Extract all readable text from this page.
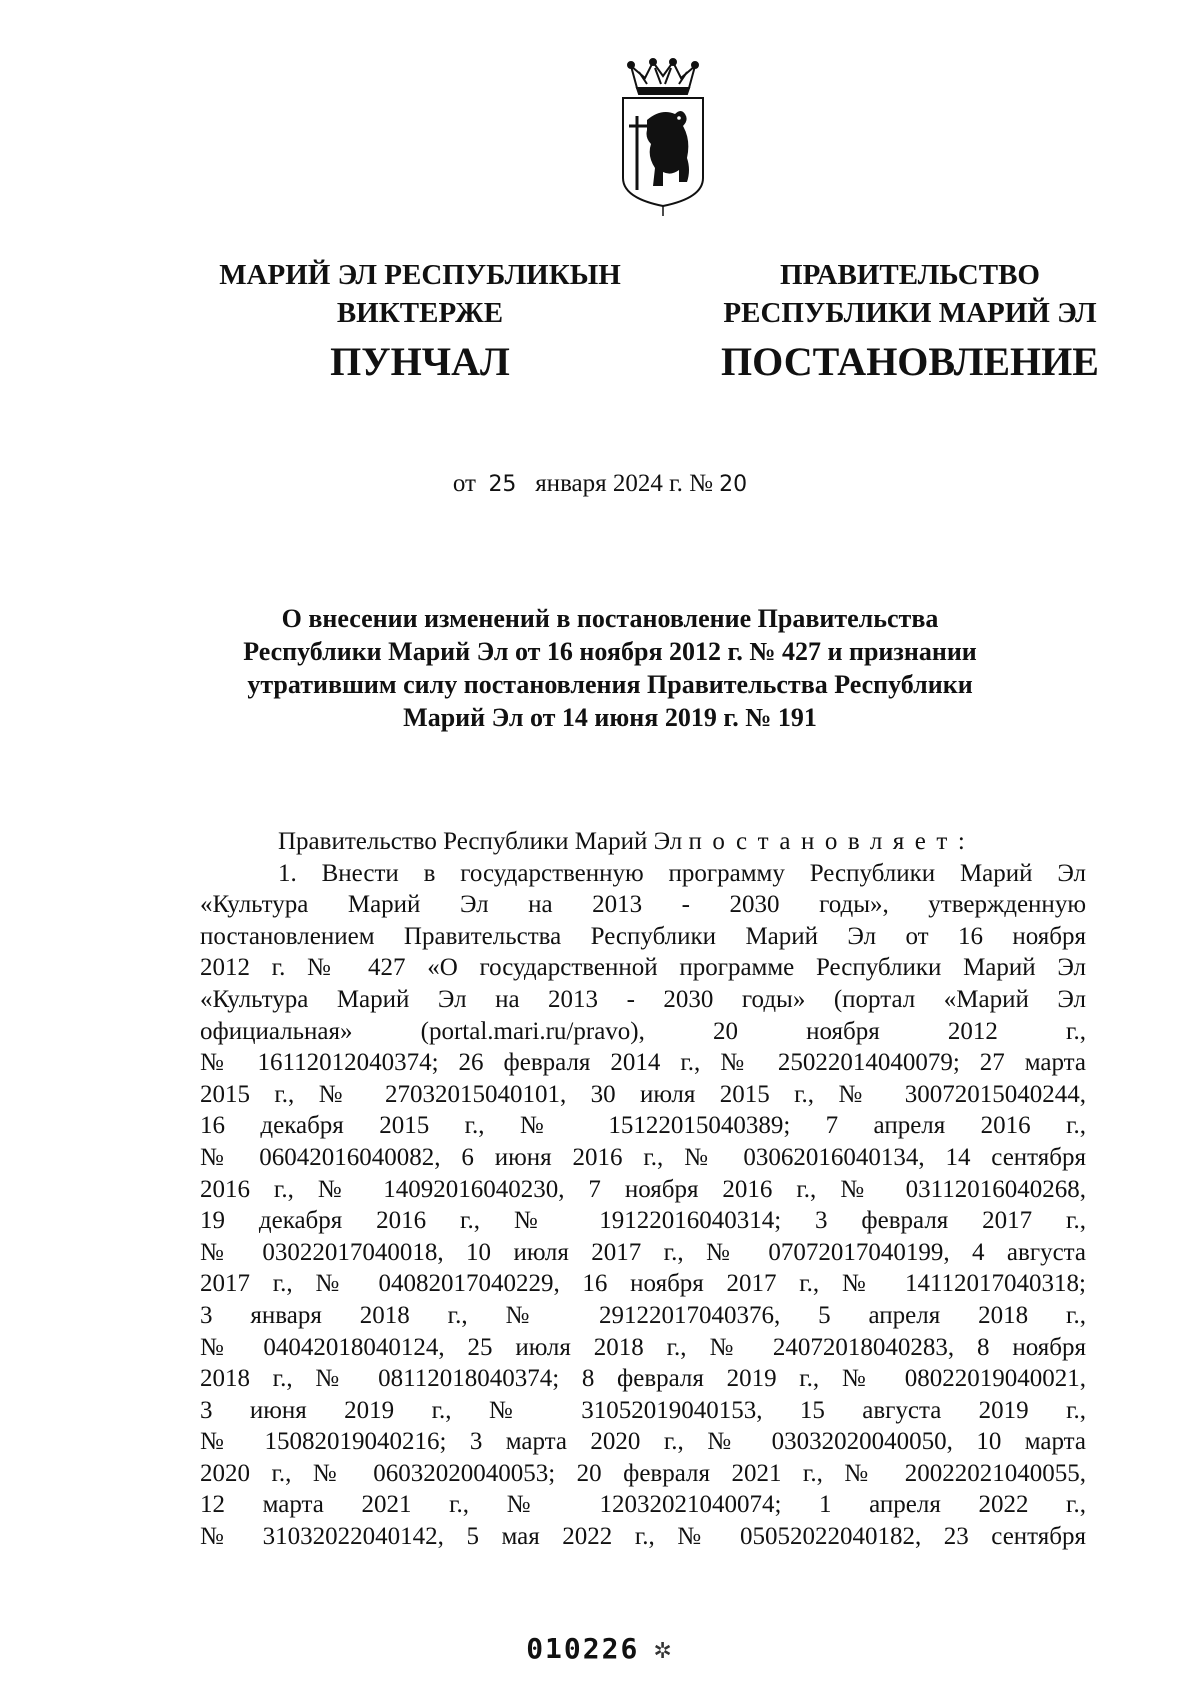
МАРИЙ ЭЛ РЕСПУБЛИКЫН
ВИКТЕРЖЕ
ПУНЧАЛ
ПРАВИТЕЛЬСТВО
РЕСПУБЛИКИ МАРИЙ ЭЛ
ПОСТАНОВЛЕНИЕ
от 25 января 2024 г. № 20
О внесении изменений в постановление Правительства
Республики Марий Эл от 16 ноября 2012 г. № 427 и признании
утратившим силу постановления Правительства Республики
Марий Эл от 14 июня 2019 г. № 191
Правительство Республики Марий Эл постановляет:
1. Внести в государственную программу Республики Марий Эл
«Культура Марий Эл на 2013 - 2030 годы», утвержденную
постановлением Правительства Республики Марий Эл от 16 ноября
2012 г. № 427 «О государственной программе Республики Марий Эл
«Культура Марий Эл на 2013 - 2030 годы» (портал «Марий Эл
официальная» (portal.mari.ru/pravo), 20 ноября 2012 г.,
№ 16112012040374; 26 февраля 2014 г., № 25022014040079; 27 марта
2015 г., № 27032015040101, 30 июля 2015 г., № 30072015040244,
16 декабря 2015 г., № 15122015040389; 7 апреля 2016 г.,
№ 06042016040082, 6 июня 2016 г., № 03062016040134, 14 сентября
2016 г., № 14092016040230, 7 ноября 2016 г., № 03112016040268,
19 декабря 2016 г., № 19122016040314; 3 февраля 2017 г.,
№ 03022017040018, 10 июля 2017 г., № 07072017040199, 4 августа
2017 г., № 04082017040229, 16 ноября 2017 г., № 14112017040318;
3 января 2018 г., № 29122017040376, 5 апреля 2018 г.,
№ 04042018040124, 25 июля 2018 г., № 24072018040283, 8 ноября
2018 г., № 08112018040374; 8 февраля 2019 г., № 08022019040021,
3 июня 2019 г., № 31052019040153, 15 августа 2019 г.,
№ 15082019040216; 3 марта 2020 г., № 03032020040050, 10 марта
2020 г., № 06032020040053; 20 февраля 2021 г., № 20022021040055,
12 марта 2021 г., № 12032021040074; 1 апреля 2022 г.,
№ 31032022040142, 5 мая 2022 г., № 05052022040182, 23 сентября
010226 ✲
